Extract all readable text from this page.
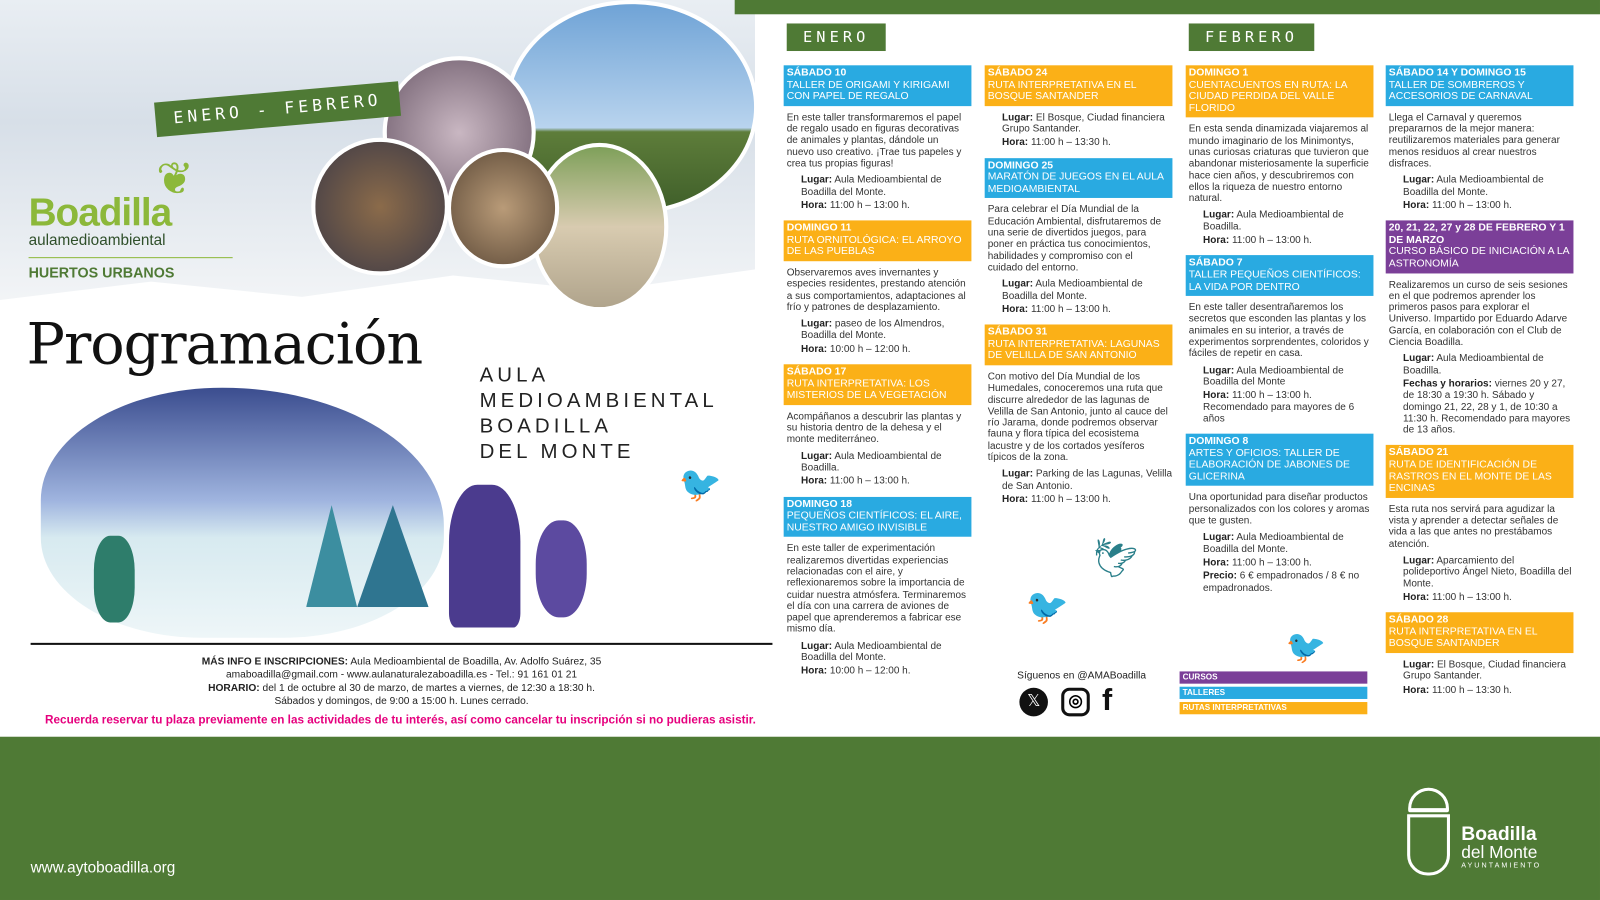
ENERO - FEBRERO
❦
Boadilla
aulamedioambiental
HUERTOS URBANOS
Programación	AULA
MEDIOAMBIENTAL
BOADILLA
DEL MONTE
🐦
MÁS INFO E INSCRIPCIONES: Aula Medioambiental de Boadilla, Av. Adolfo Suárez, 35
amaboadilla@gmail.com - www.aulanaturalezaboadilla.es - Tel.: 91 161 01 21
HORARIO: del 1 de octubre al 30 de marzo, de martes a viernes, de 12:30 a 18:30 h.
Sábados y domingos, de 9:00 a 15:00 h. Lunes cerrado.
Recuerda reservar tu plaza previamente en las actividades de tu interés, así como cancelar tu inscripción si no pudieras asistir.
ENERO	FEBRERO
SÁBADO 10
TALLER DE ORIGAMI Y KIRIGAMI CON PAPEL DE REGALO
En este taller transformaremos el papel de regalo usado en figuras decorativas de animales y plantas, dándole un nuevo uso creativo. ¡Trae tus papeles y crea tus propias figuras!
Lugar: Aula Medioambiental de Boadilla del Monte.
Hora: 11:00 h – 13:00 h.
DOMINGO 11
RUTA ORNITOLÓGICA: EL ARROYO DE LAS PUEBLAS
Observaremos aves invernantes y especies residentes, prestando atención a sus comportamientos, adaptaciones al frío y patrones de desplazamiento.
Lugar: paseo de los Almendros, Boadilla del Monte.
Hora: 10:00 h – 12:00 h.
SÁBADO 17
RUTA INTERPRETATIVA: LOS MISTERIOS DE LA VEGETACIÓN
Acompáñanos a descubrir las plantas y su historia dentro de la dehesa y el monte mediterráneo.
Lugar: Aula Medioambiental de Boadilla.
Hora: 11:00 h – 13:00 h.
DOMINGO 18
PEQUEÑOS CIENTÍFICOS: EL AIRE, NUESTRO AMIGO INVISIBLE
En este taller de experimentación realizaremos divertidas experiencias relacionadas con el aire, y reflexionaremos sobre la importancia de cuidar nuestra atmósfera. Terminaremos el día con una carrera de aviones de papel que aprenderemos a fabricar ese mismo día.
Lugar: Aula Medioambiental de Boadilla del Monte.
Hora: 10:00 h – 12:00 h.
SÁBADO 24
RUTA INTERPRETATIVA EN EL BOSQUE SANTANDER
Lugar: El Bosque, Ciudad financiera Grupo Santander.
Hora: 11:00 h – 13:30 h.
DOMINGO 25
MARATÓN DE JUEGOS EN EL AULA MEDIOAMBIENTAL
Para celebrar el Día Mundial de la Educación Ambiental, disfrutaremos de una serie de divertidos juegos, para poner en práctica tus conocimientos, habilidades y compromiso con el cuidado del entorno.
Lugar: Aula Medioambiental de Boadilla del Monte.
Hora: 11:00 h – 13:00 h.
SÁBADO 31
RUTA INTERPRETATIVA: LAGUNAS DE VELILLA DE SAN ANTONIO
Con motivo del Día Mundial de los Humedales, conoceremos una ruta que discurre alrededor de las lagunas de Velilla de San Antonio, junto al cauce del río Jarama, donde podremos observar fauna y flora típica del ecosistema lacustre y de los cortados yesíferos típicos de la zona.
Lugar: Parking de las Lagunas, Velilla de San Antonio.
Hora: 11:00 h – 13:00 h.
DOMINGO 1
CUENTACUENTOS EN RUTA: LA CIUDAD PERDIDA DEL VALLE FLORIDO
En esta senda dinamizada viajaremos al mundo imaginario de los Minimontys, unas curiosas criaturas que tuvieron que abandonar misteriosamente la superficie hace cien años, y descubriremos con ellos la riqueza de nuestro entorno natural.
Lugar: Aula Medioambiental de Boadilla.
Hora: 11:00 h – 13:00 h.
SÁBADO 7
TALLER PEQUEÑOS CIENTÍFICOS: LA VIDA POR DENTRO
En este taller desentrañaremos los secretos que esconden las plantas y los animales en su interior, a través de experimentos sorprendentes, coloridos y fáciles de repetir en casa.
Lugar: Aula Medioambiental de Boadilla del Monte
Hora: 11:00 h – 13:00 h. Recomendado para mayores de 6 años
DOMINGO 8
ARTES Y OFICIOS: TALLER DE ELABORACIÓN DE JABONES DE GLICERINA
Una oportunidad para diseñar productos personalizados con los colores y aromas que te gusten.
Lugar: Aula Medioambiental de Boadilla del Monte.
Hora: 11:00 h – 13:00 h.
Precio: 6 € empadronados / 8 € no empadronados.
SÁBADO 14 Y DOMINGO 15
TALLER DE SOMBREROS Y ACCESORIOS DE CARNAVAL
Llega el Carnaval y queremos prepararnos de la mejor manera: reutilizaremos materiales para generar menos residuos al crear nuestros disfraces.
Lugar: Aula Medioambiental de Boadilla del Monte.
Hora: 11:00 h – 13:00 h.
20, 21, 22, 27 y 28 DE FEBRERO Y 1 DE MARZO
CURSO BÁSICO DE INICIACIÓN A LA ASTRONOMÍA
Realizaremos un curso de seis sesiones en el que podremos aprender los primeros pasos para explorar el Universo. Impartido por Eduardo Adarve García, en colaboración con el Club de Ciencia Boadilla.
Lugar: Aula Medioambiental de Boadilla.
Fechas y horarios: viernes 20 y 27, de 18:30 a 19:30 h. Sábado y domingo 21, 22, 28 y 1, de 10:30 a 11:30 h. Recomendado para mayores de 13 años.
SÁBADO 21
RUTA DE IDENTIFICACIÓN DE RASTROS EN EL MONTE DE LAS ENCINAS
Esta ruta nos servirá para agudizar la vista y aprender a detectar señales de vida a las que antes no prestábamos atención.
Lugar: Aparcamiento del polideportivo Ángel Nieto, Boadilla del Monte.
Hora: 11:00 h – 13:00 h.
SÁBADO 28
RUTA INTERPRETATIVA EN EL BOSQUE SANTANDER
Lugar: El Bosque, Ciudad financiera Grupo Santander.
Hora: 11:00 h – 13:30 h.
🕊
🐦
🐦
Síguenos en @AMABoadilla
𝕏	◎ f
CURSOS
TALLERES
RUTAS INTERPRETATIVAS
www.aytoboadilla.org
Boadilla
del Monte
AYUNTAMIENTO
